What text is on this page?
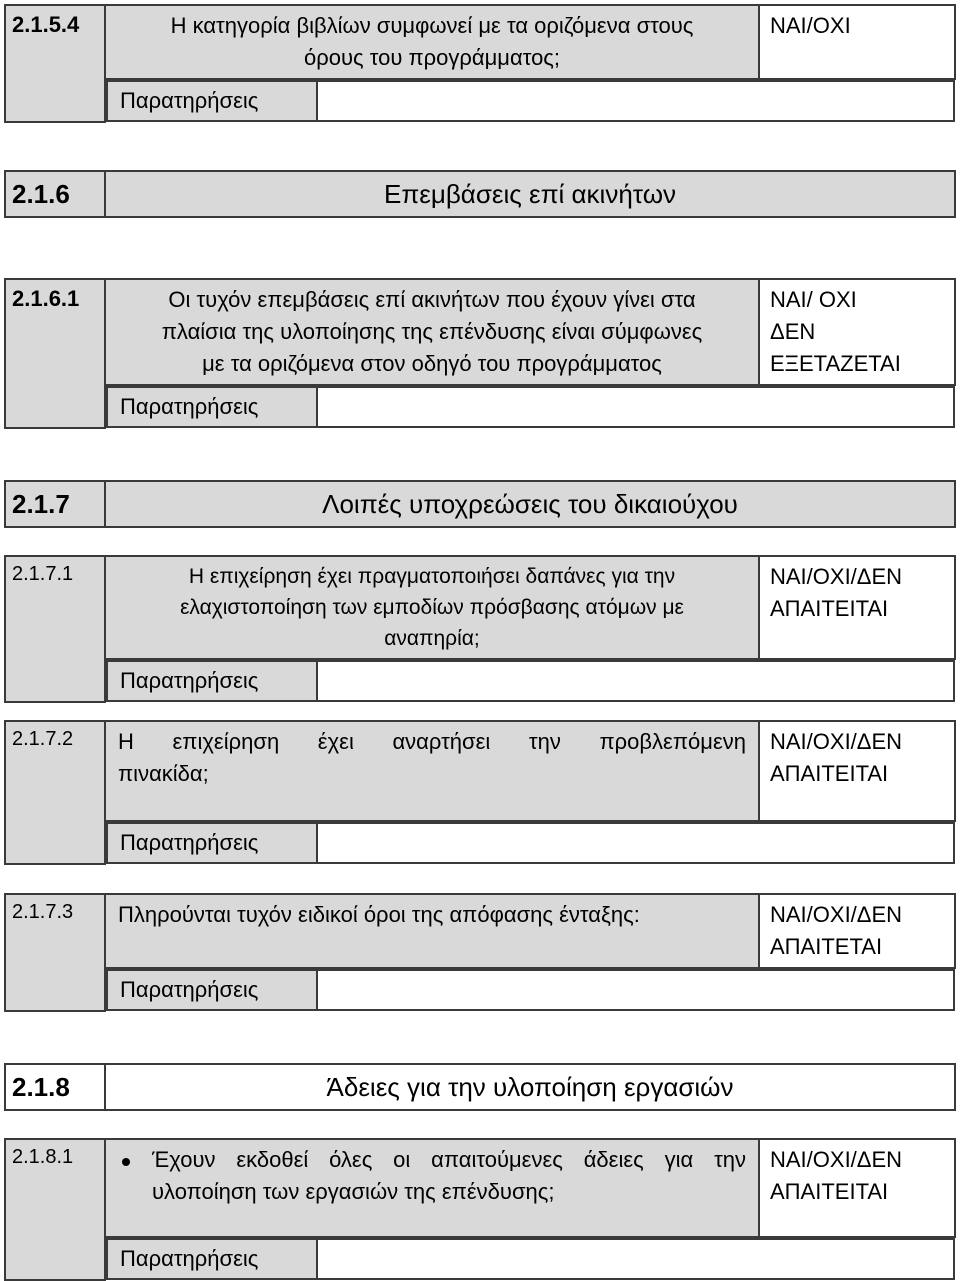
2.1.5.4	Η κατηγορία βιβλίων συμφωνεί με τα οριζόμενα στους
όρους του προγράμματος;	ΝΑΙ/ΟΧΙ

Παρατηρήσεις	
2.1.6	Επεμβάσεις επί ακινήτων
2.1.6.1	Οι τυχόν επεμβάσεις επί ακινήτων που έχουν γίνει στα
πλαίσια της υλοποίησης της επένδυσης είναι σύμφωνες
με τα οριζόμενα στον οδηγό του προγράμματος	ΝΑΙ/ ΟΧΙ
ΔΕΝ
ΕΞΕΤΑΖΕΤΑΙ

Παρατηρήσεις	
2.1.7	Λοιπές υποχρεώσεις του δικαιούχου
2.1.7.1	Η επιχείρηση έχει πραγματοποιήσει δαπάνες για την
ελαχιστοποίηση των εμποδίων πρόσβασης ατόμων με
αναπηρία;	ΝΑΙ/ΟΧΙ/ΔΕΝ
ΑΠΑΙΤΕΙΤΑΙ

Παρατηρήσεις	
2.1.7.2	Η επιχείρηση έχει αναρτήσει την προβλεπόμενη
πινακίδα;
	ΝΑΙ/ΟΧΙ/ΔΕΝ
ΑΠΑΙΤΕΙΤΑΙ

Παρατηρήσεις	
2.1.7.3	Πληρούνται τυχόν ειδικοί όροι της απόφασης ένταξης:	ΝΑΙ/ΟΧΙ/ΔΕΝ
ΑΠΑΙΤΕΤΑΙ

Παρατηρήσεις	
2.1.8	Άδειες για την υλοποίηση εργασιών
2.1.8.1	Έχουν εκδοθεί όλες οι απαιτούμενες άδειες για την
υλοποίηση των εργασιών της επένδυσης;
	ΝΑΙ/ΟΧΙ/ΔΕΝ
ΑΠΑΙΤΕΙΤΑΙ

Παρατηρήσεις	
